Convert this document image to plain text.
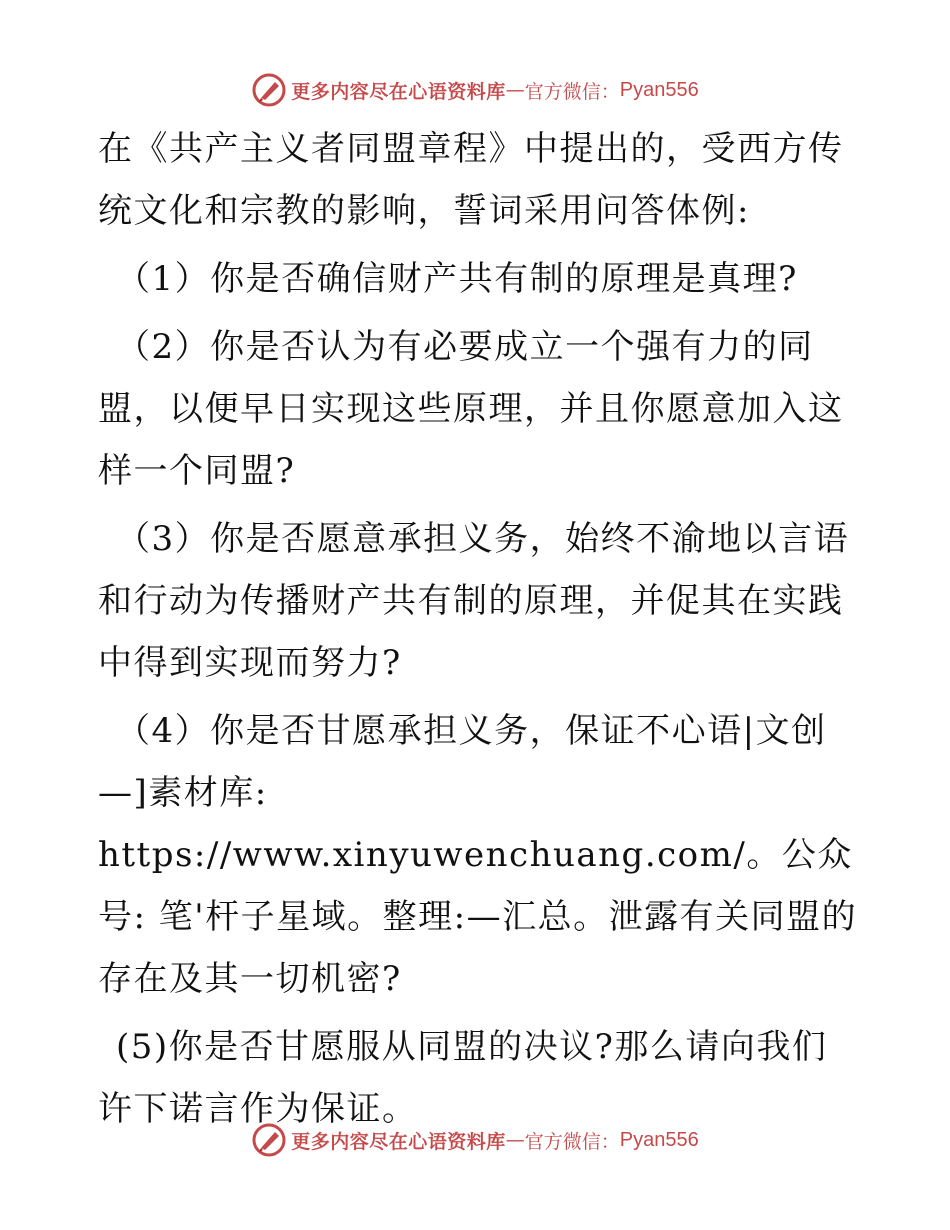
更多内容尽在心语资料库 — 官方微信： Pyan556

在《共产主义者同盟章程》中提出的，受西方传统文化和宗教的影响，誓词采用问答体例:

（1）你是否确信财产共有制的原理是真理?

（2）你是否认为有必要成立一个强有力的同盟，以便早日实现这些原理，并且你愿意加入这样一个同盟?

（3）你是否愿意承担义务，始终不渝地以言语和行动为传播财产共有制的原理，并促其在实践中得到实现而努力?

（4）你是否甘愿承担义务，保证不心语|文创—]素材库: https://www.xinyuwenchuang.com/。公众号: 笔'杆子星域。整理:—汇总。泄露有关同盟的存在及其一切机密?

(5)你是否甘愿服从同盟的决议?那么请向我们许下诺言作为保证。

更多内容尽在心语资料库 — 官方微信： Pyan556
